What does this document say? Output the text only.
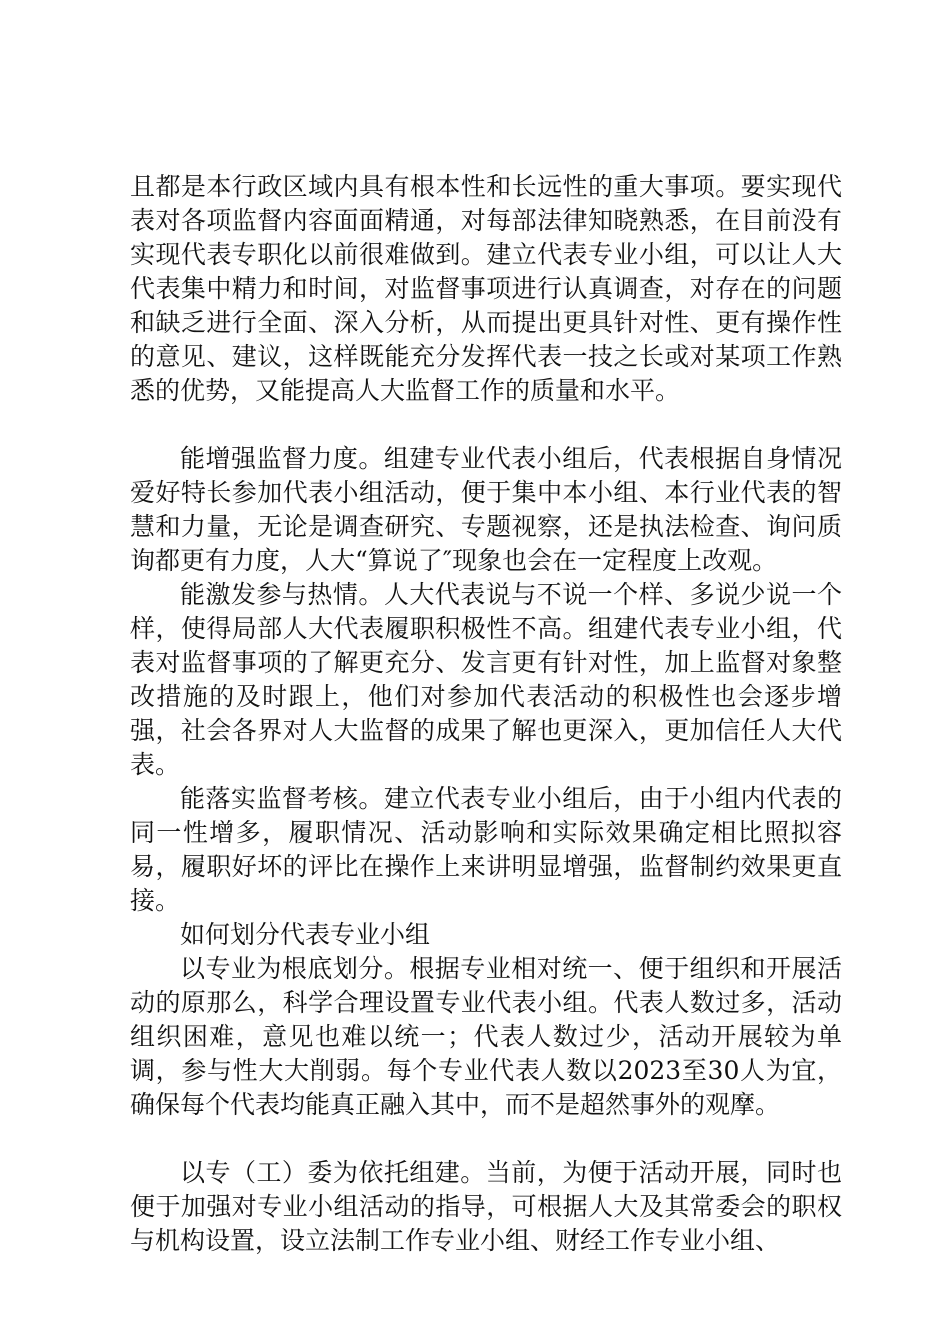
且都是本行政区域内具有根本性和长远性的重大事项。要实现代表对各项监督内容面面精通，对每部法律知晓熟悉，在目前没有实现代表专职化以前很难做到。建立代表专业小组，可以让人大代表集中精力和时间，对监督事项进行认真调查，对存在的问题和缺乏进行全面、深入分析，从而提出更具针对性、更有操作性的意见、建议，这样既能充分发挥代表一技之长或对某项工作熟悉的优势，又能提高人大监督工作的质量和水平。

能增强监督力度。组建专业代表小组后，代表根据自身情况爱好特长参加代表小组活动，便于集中本小组、本行业代表的智慧和力量，无论是调查研究、专题视察，还是执法检查、询问质询都更有力度，人大“算说了″现象也会在一定程度上改观。

能激发参与热情。人大代表说与不说一个样、多说少说一个样，使得局部人大代表履职积极性不高。组建代表专业小组，代表对监督事项的了解更充分、发言更有针对性，加上监督对象整改措施的及时跟上，他们对参加代表活动的积极性也会逐步增强，社会各界对人大监督的成果了解也更深入，更加信任人大代表。

能落实监督考核。建立代表专业小组后，由于小组内代表的同一性增多，履职情况、活动影响和实际效果确定相比照拟容易，履职好坏的评比在操作上来讲明显增强，监督制约效果更直接。

如何划分代表专业小组

以专业为根底划分。根据专业相对统一、便于组织和开展活动的原那么，科学合理设置专业代表小组。代表人数过多，活动组织困难，意见也难以统一；代表人数过少，活动开展较为单调，参与性大大削弱。每个专业代表人数以2023至30人为宜，确保每个代表均能真正融入其中，而不是超然事外的观摩。

以专（工）委为依托组建。当前，为便于活动开展，同时也便于加强对专业小组活动的指导，可根据人大及其常委会的职权与机构设置，设立法制工作专业小组、财经工作专业小组、
